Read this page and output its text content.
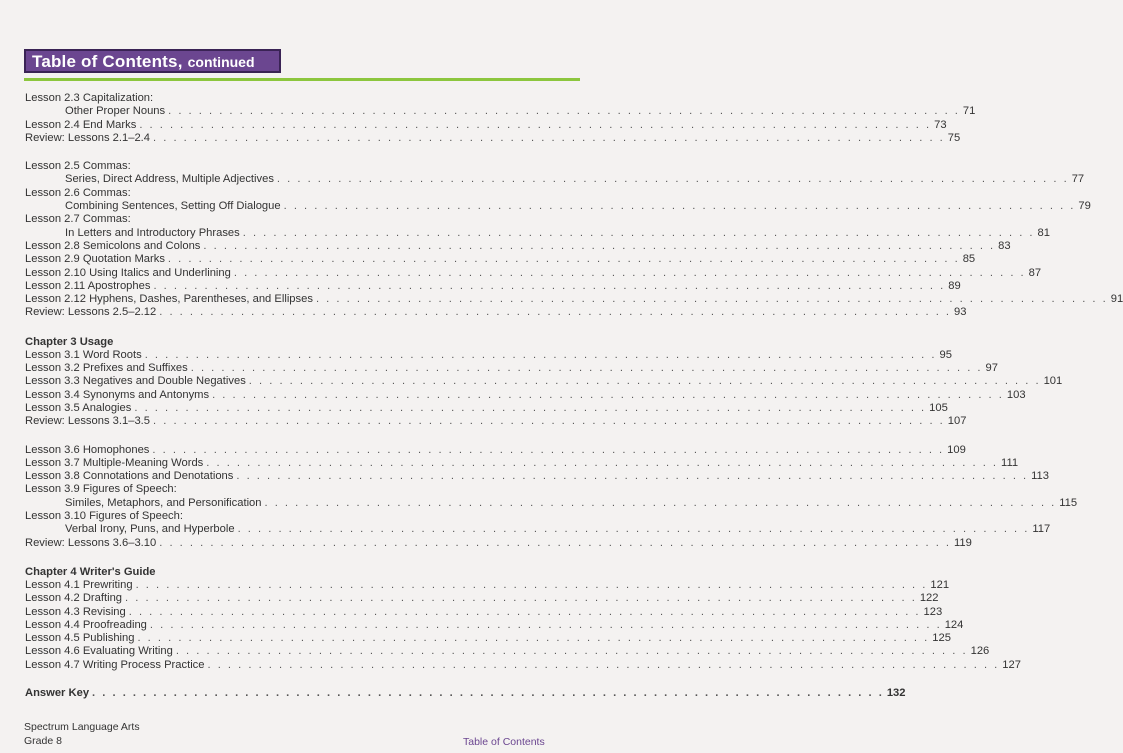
Table of Contents, continued
Lesson 2.3 Capitalization:
Other Proper Nouns . . . . . . . . . . . . . . . . . . . . . . . . . . . . . . . . . . . . . . . . . . . . . . . . . . . . . . . . . . . . . . . . . . . . . . . . . . . . . . 71
Lesson 2.4 End Marks . . . . . . . . . . . . . . . . . . . . . . . . . . . . . . . . . . . . . . . . . . . . . . . . . . . . . . . . . . . . . . . . . . . . . . . . . . . . . . 73
Review: Lessons 2.1–2.4 . . . . . . . . . . . . . . . . . . . . . . . . . . . . . . . . . . . . . . . . . . . . . . . . . . . . . . . . . . . . . . . . . . . . . . . . . . . . . . 75
Lesson 2.5 Commas:
Series, Direct Address, Multiple Adjectives . . . . . . . . . . . . . . . . . . . . . . . . . . . . . . . . . . . . . . . . . . . . . . . . . . . . . . . . . . . . . . . . . . . . . . . . . . . . . . 77
Lesson 2.6 Commas:
Combining Sentences, Setting Off Dialogue . . . . . . . . . . . . . . . . . . . . . . . . . . . . . . . . . . . . . . . . . . . . . . . . . . . . . . . . . . . . . . . . . . . . . . . . . . . . . . 79
Lesson 2.7 Commas:
In Letters and Introductory Phrases . . . . . . . . . . . . . . . . . . . . . . . . . . . . . . . . . . . . . . . . . . . . . . . . . . . . . . . . . . . . . . . . . . . . . . . . . . . . . . 81
Lesson 2.8 Semicolons and Colons . . . . . . . . . . . . . . . . . . . . . . . . . . . . . . . . . . . . . . . . . . . . . . . . . . . . . . . . . . . . . . . . . . . . . . . . . . . . . . 83
Lesson 2.9 Quotation Marks . . . . . . . . . . . . . . . . . . . . . . . . . . . . . . . . . . . . . . . . . . . . . . . . . . . . . . . . . . . . . . . . . . . . . . . . . . . . . . 85
Lesson 2.10 Using Italics and Underlining . . . . . . . . . . . . . . . . . . . . . . . . . . . . . . . . . . . . . . . . . . . . . . . . . . . . . . . . . . . . . . . . . . . . . . . . . . . . . . 87
Lesson 2.11 Apostrophes . . . . . . . . . . . . . . . . . . . . . . . . . . . . . . . . . . . . . . . . . . . . . . . . . . . . . . . . . . . . . . . . . . . . . . . . . . . . . . 89
Lesson 2.12 Hyphens, Dashes, Parentheses, and Ellipses . . . . . . . . . . . . . . . . . . . . . . . . . . . . . . . . . . . . . . . . . . . . . . . . . . . . . . . . . . . . . . . . . . . . . . . . . . . . . . 91
Review: Lessons 2.5–2.12 . . . . . . . . . . . . . . . . . . . . . . . . . . . . . . . . . . . . . . . . . . . . . . . . . . . . . . . . . . . . . . . . . . . . . . . . . . . . . . 93
Chapter 3 Usage
Lesson 3.1 Word Roots . . . . . . . . . . . . . . . . . . . . . . . . . . . . . . . . . . . . . . . . . . . . . . . . . . . . . . . . . . . . . . . . . . . . . . . . . . . . . . 95
Lesson 3.2 Prefixes and Suffixes . . . . . . . . . . . . . . . . . . . . . . . . . . . . . . . . . . . . . . . . . . . . . . . . . . . . . . . . . . . . . . . . . . . . . . . . . . . . . . 97
Lesson 3.3 Negatives and Double Negatives . . . . . . . . . . . . . . . . . . . . . . . . . . . . . . . . . . . . . . . . . . . . . . . . . . . . . . . . . . . . . . . . . . . . . . . . . . . . . . 101
Lesson 3.4 Synonyms and Antonyms . . . . . . . . . . . . . . . . . . . . . . . . . . . . . . . . . . . . . . . . . . . . . . . . . . . . . . . . . . . . . . . . . . . . . . . . . . . . . . 103
Lesson 3.5 Analogies . . . . . . . . . . . . . . . . . . . . . . . . . . . . . . . . . . . . . . . . . . . . . . . . . . . . . . . . . . . . . . . . . . . . . . . . . . . . . . 105
Review: Lessons 3.1–3.5 . . . . . . . . . . . . . . . . . . . . . . . . . . . . . . . . . . . . . . . . . . . . . . . . . . . . . . . . . . . . . . . . . . . . . . . . . . . . . . 107
Lesson 3.6 Homophones . . . . . . . . . . . . . . . . . . . . . . . . . . . . . . . . . . . . . . . . . . . . . . . . . . . . . . . . . . . . . . . . . . . . . . . . . . . . . . 109
Lesson 3.7 Multiple-Meaning Words . . . . . . . . . . . . . . . . . . . . . . . . . . . . . . . . . . . . . . . . . . . . . . . . . . . . . . . . . . . . . . . . . . . . . . . . . . . . . . 111
Lesson 3.8 Connotations and Denotations . . . . . . . . . . . . . . . . . . . . . . . . . . . . . . . . . . . . . . . . . . . . . . . . . . . . . . . . . . . . . . . . . . . . . . . . . . . . . . 113
Lesson 3.9 Figures of Speech:
Similes, Metaphors, and Personification . . . . . . . . . . . . . . . . . . . . . . . . . . . . . . . . . . . . . . . . . . . . . . . . . . . . . . . . . . . . . . . . . . . . . . . . . . . . . . 115
Lesson 3.10 Figures of Speech:
Verbal Irony, Puns, and Hyperbole . . . . . . . . . . . . . . . . . . . . . . . . . . . . . . . . . . . . . . . . . . . . . . . . . . . . . . . . . . . . . . . . . . . . . . . . . . . . . . 117
Review: Lessons 3.6–3.10 . . . . . . . . . . . . . . . . . . . . . . . . . . . . . . . . . . . . . . . . . . . . . . . . . . . . . . . . . . . . . . . . . . . . . . . . . . . . . . 119
Chapter 4 Writer's Guide
Lesson 4.1 Prewriting . . . . . . . . . . . . . . . . . . . . . . . . . . . . . . . . . . . . . . . . . . . . . . . . . . . . . . . . . . . . . . . . . . . . . . . . . . . . . . 121
Lesson 4.2 Drafting . . . . . . . . . . . . . . . . . . . . . . . . . . . . . . . . . . . . . . . . . . . . . . . . . . . . . . . . . . . . . . . . . . . . . . . . . . . . . . 122
Lesson 4.3 Revising . . . . . . . . . . . . . . . . . . . . . . . . . . . . . . . . . . . . . . . . . . . . . . . . . . . . . . . . . . . . . . . . . . . . . . . . . . . . . . 123
Lesson 4.4 Proofreading . . . . . . . . . . . . . . . . . . . . . . . . . . . . . . . . . . . . . . . . . . . . . . . . . . . . . . . . . . . . . . . . . . . . . . . . . . . . . . 124
Lesson 4.5 Publishing . . . . . . . . . . . . . . . . . . . . . . . . . . . . . . . . . . . . . . . . . . . . . . . . . . . . . . . . . . . . . . . . . . . . . . . . . . . . . . 125
Lesson 4.6 Evaluating Writing . . . . . . . . . . . . . . . . . . . . . . . . . . . . . . . . . . . . . . . . . . . . . . . . . . . . . . . . . . . . . . . . . . . . . . . . . . . . . . 126
Lesson 4.7 Writing Process Practice . . . . . . . . . . . . . . . . . . . . . . . . . . . . . . . . . . . . . . . . . . . . . . . . . . . . . . . . . . . . . . . . . . . . . . . . . . . . . . 127
Answer Key . . . . . . . . . . . . . . . . . . . . . . . . . . . . . . . . . . . . . . . . . . . . . . . . . . . . . . . . . . . . . . . . . . . . . . . . . . . . . . 132
Spectrum Language Arts
Grade 8	Table of Contents
